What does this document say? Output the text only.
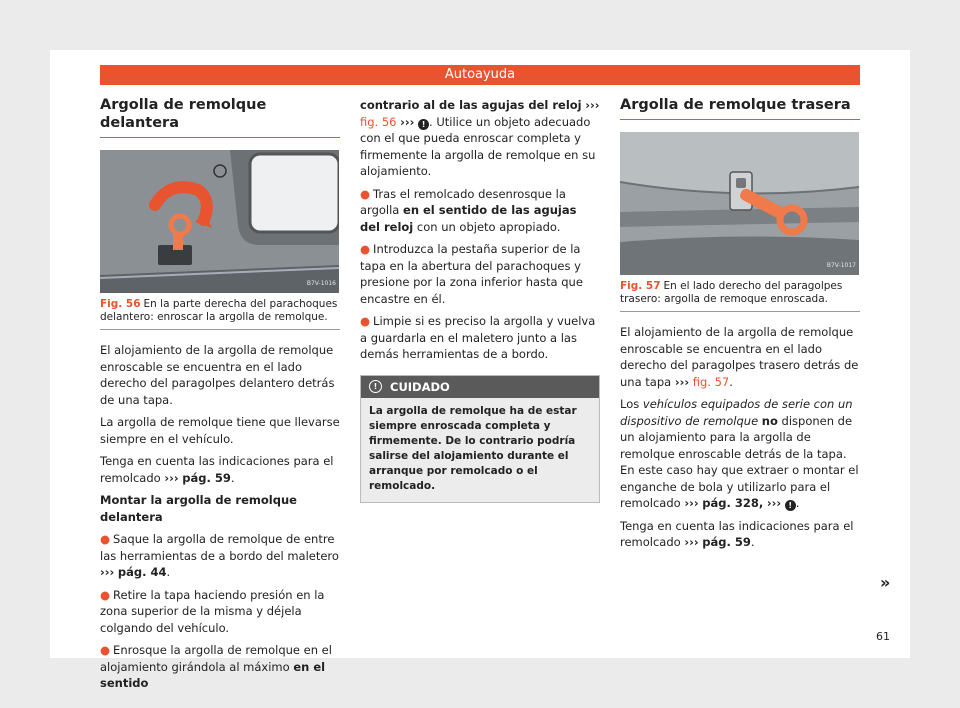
Autoayuda
Argolla de remolque delantera
B7V-1016
Fig. 56 En la parte derecha del parachoques delantero: enroscar la argolla de remolque.

El alojamiento de la argolla de remolque enroscable se encuentra en el lado derecho del paragolpes delantero detrás de una tapa.

La argolla de remolque tiene que llevarse siempre en el vehículo.

Tenga en cuenta las indicaciones para el remolcado ››› pág. 59.

Montar la argolla de remolque delantera

● Saque la argolla de remolque de entre las herramientas de a bordo del maletero ››› pág. 44.

● Retire la tapa haciendo presión en la zona superior de la misma y déjela colgando del vehículo.

● Enrosque la argolla de remolque en el alojamiento girándola al máximo en el sentido

contrario al de las agujas del reloj ››› fig. 56 ››› ! . Utilice un objeto adecuado con el que pueda enroscar completa y firmemente la argolla de remolque en su alojamiento.

● Tras el remolcado desenrosque la argolla en el sentido de las agujas del reloj con un objeto apropiado.

● Introduzca la pestaña superior de la tapa en la abertura del parachoques y presione por la zona inferior hasta que encastre en él.

● Limpie si es preciso la argolla y vuelva a guardarla en el maletero junto a las demás herramientas de a bordo.

!	CUIDADO
La argolla de remolque ha de estar siempre enroscada completa y firmemente. De lo contrario podría salirse del alojamiento durante el arranque por remolcado o el remolcado.
Argolla de remolque trasera
B7V-1017
Fig. 57 En el lado derecho del paragolpes trasero: argolla de remoque enroscada.

El alojamiento de la argolla de remolque enroscable se encuentra en el lado derecho del paragolpes trasero detrás de una tapa ››› fig. 57.

Los vehículos equipados de serie con un dispositivo de remolque no disponen de un alojamiento para la argolla de remolque enroscable detrás de la tapa. En este caso hay que extraer o montar el enganche de bola y utilizarlo para el remolcado ››› pág. 328, ››› ! .

Tenga en cuenta las indicaciones para el remolcado ››› pág. 59.

»
61
